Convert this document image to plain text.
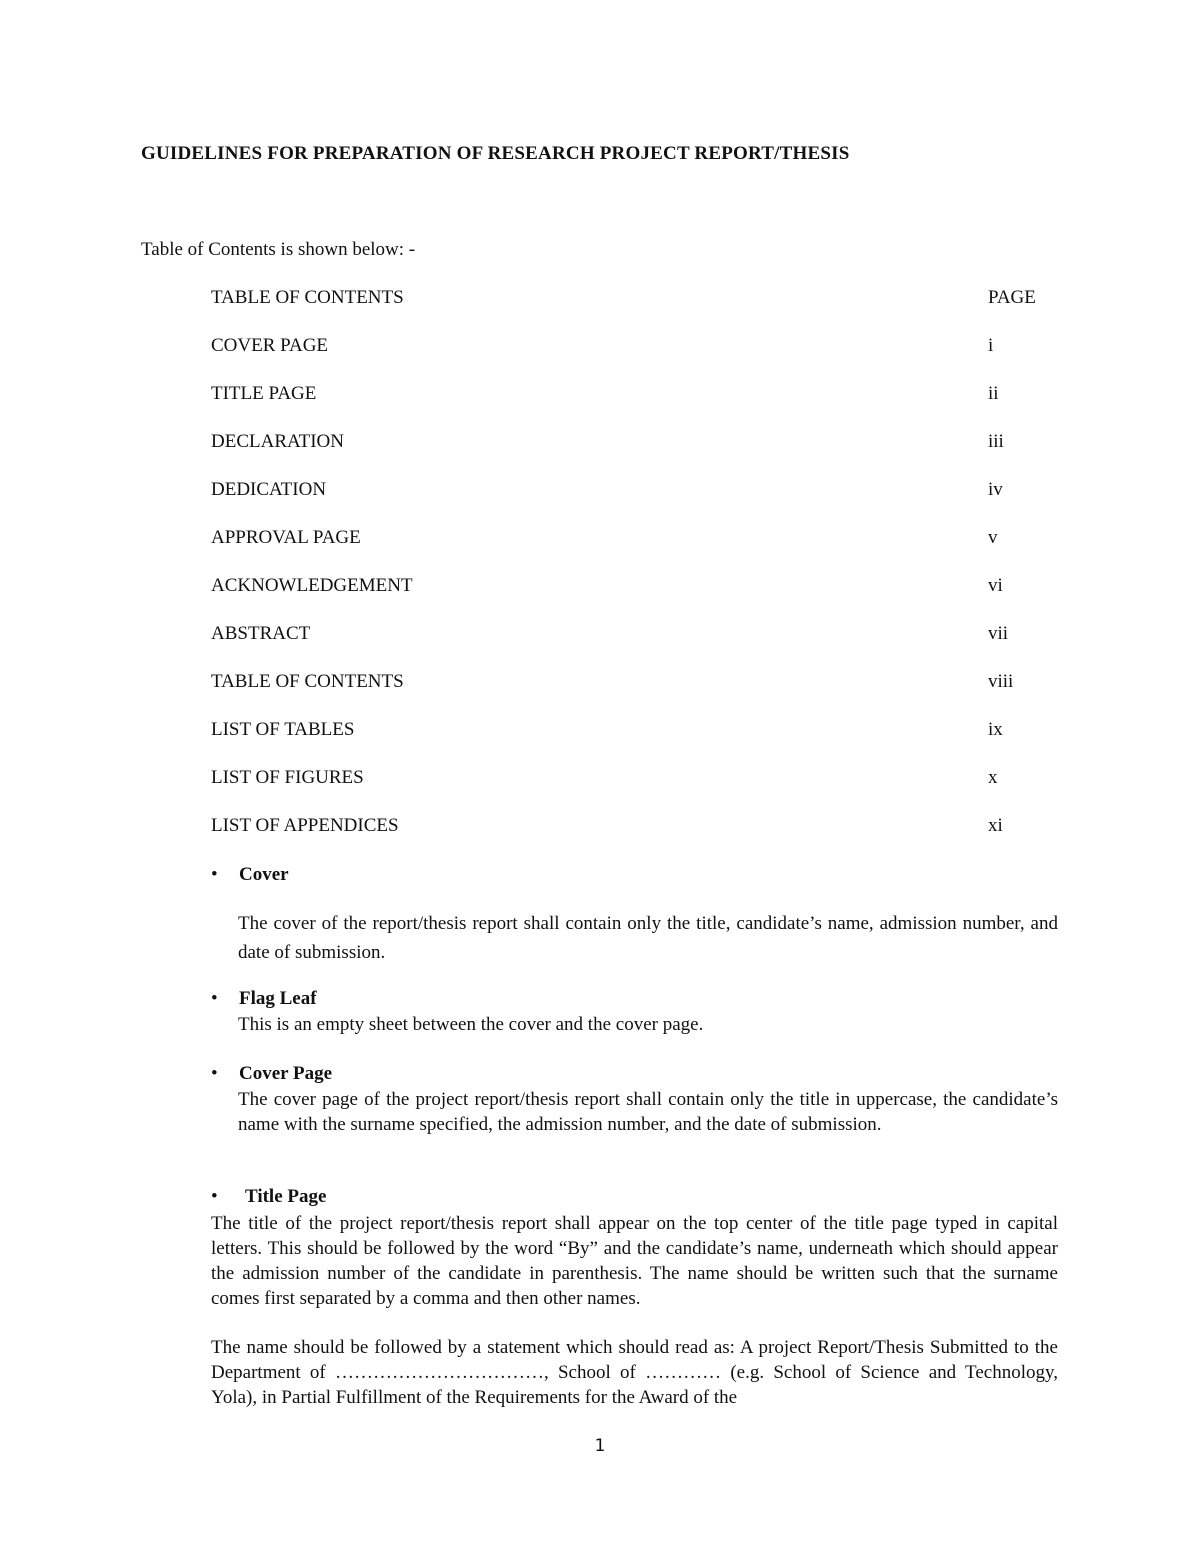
GUIDELINES FOR PREPARATION OF RESEARCH PROJECT REPORT/THESIS
Table of Contents is shown below: -
TABLE OF CONTENTS	PAGE
COVER PAGE	i
TITLE PAGE	ii
DECLARATION	iii
DEDICATION	iv
APPROVAL PAGE	v
ACKNOWLEDGEMENT	vi
ABSTRACT	vii
TABLE OF CONTENTS	viii
LIST OF TABLES	ix
LIST OF FIGURES	x
LIST OF APPENDICES	xi
• Cover
The cover of the report/thesis report shall contain only the title, candidate’s name, admission number, and date of submission.
• Flag Leaf
This is an empty sheet between the cover and the cover page.
• Cover Page
The cover page of the project report/thesis report shall contain only the title in uppercase, the candidate’s name with the surname specified, the admission number, and the date of submission.
• Title Page
The title of the project report/thesis report shall appear on the top center of the title page typed in capital letters. This should be followed by the word “By” and the candidate’s name, underneath which should appear the admission number of the candidate in parenthesis. The name should be written such that the surname comes first separated by a comma and then other names.
The name should be followed by a statement which should read as: A project Report/Thesis Submitted to the Department of ……………………………, School of ………… (e.g. School of Science and Technology, Yola), in Partial Fulfillment of the Requirements for the Award of the
1
